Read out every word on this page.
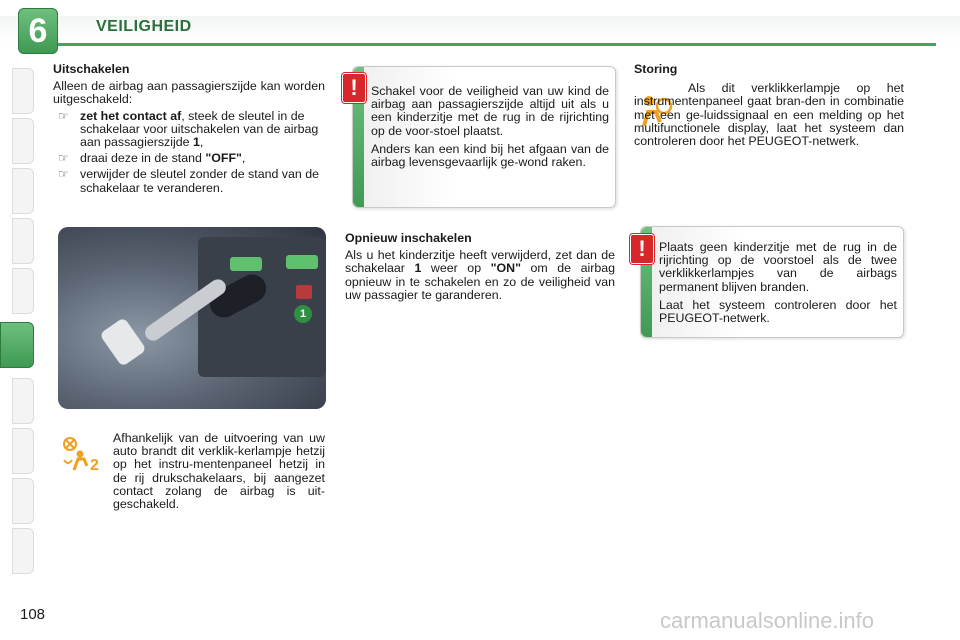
6	VEILIGHEID
Uitschakelen

Alleen de airbag aan passagierszijde kan worden uitgeschakeld:

☞ zet het contact af, steek de sleutel in de schakelaar voor uitschakelen van de airbag aan passagierszijde 1,
☞ draai deze in de stand "OFF",
☞ verwijder de sleutel zonder de stand van de schakelaar te veranderen.
1
2
Afhankelijk van de uitvoering van uw auto brandt dit verklik-kerlampje hetzij op het instru-mentenpaneel hetzij in de rij drukschakelaars, bij aangezet contact zolang de airbag is uit-geschakeld.

Schakel voor de veiligheid van uw kind de airbag aan passagierszijde altijd uit als u een kinderzitje met de rug in de rijrichting op de voor-stoel plaatst.

Anders kan een kind bij het afgaan van de airbag levensgevaarlijk ge-wond raken.

!
Opnieuw inschakelen
Als u het kinderzitje heeft verwijderd, zet dan de schakelaar 1 weer op "ON" om de airbag opnieuw in te schakelen en zo de veiligheid van uw passagier te garanderen.
Storing
Als dit verklikkerlampje op het instrumentenpaneel gaat bran-den in combinatie met een ge-luidssignaal en een melding op het multifunctionele display, laat het systeem dan controleren door het PEUGEOT-netwerk.

Plaats geen kinderzitje met de rug in de rijrichting op de voorstoel als de twee verklikkerlampjes van de airbags permanent blijven branden.

Laat het systeem controleren door het PEUGEOT-netwerk.

!
108	carmanualsonline.info
